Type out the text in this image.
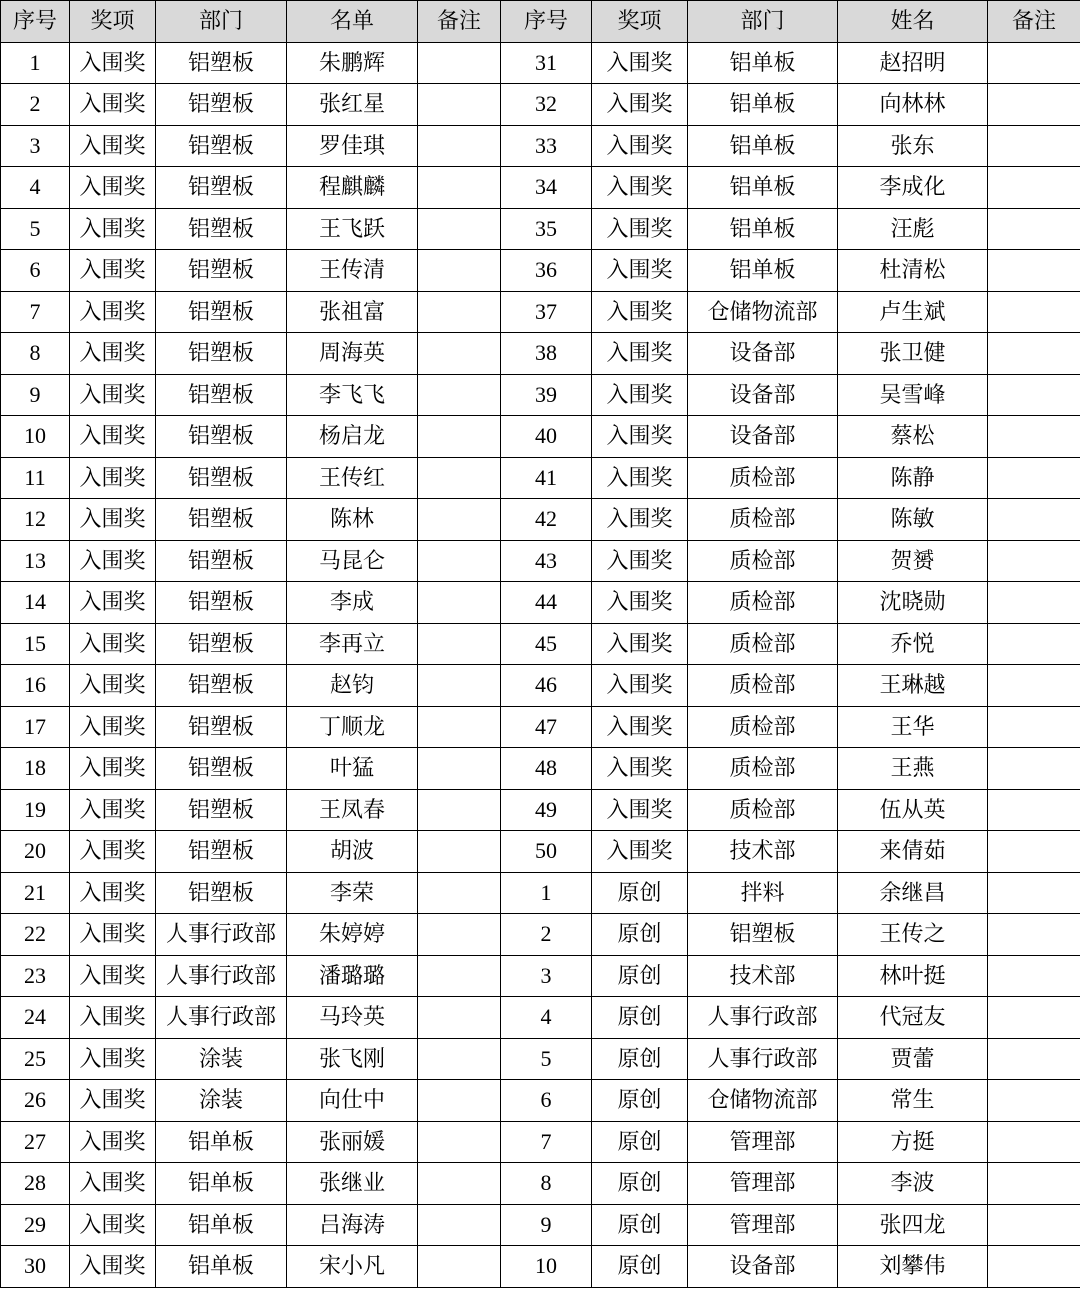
序号	奖项	部门	名单	备注	序号	奖项	部门	姓名	备注
1	入围奖	铝塑板	朱鹏辉		31	入围奖	铝单板	赵招明	
2	入围奖	铝塑板	张红星		32	入围奖	铝单板	向林林	
3	入围奖	铝塑板	罗佳琪		33	入围奖	铝单板	张东	
4	入围奖	铝塑板	程麒麟		34	入围奖	铝单板	李成化	
5	入围奖	铝塑板	王飞跃		35	入围奖	铝单板	汪彪	
6	入围奖	铝塑板	王传清		36	入围奖	铝单板	杜清松	
7	入围奖	铝塑板	张祖富		37	入围奖	仓储物流部	卢生斌	
8	入围奖	铝塑板	周海英		38	入围奖	设备部	张卫健	
9	入围奖	铝塑板	李飞飞		39	入围奖	设备部	吴雪峰	
10	入围奖	铝塑板	杨启龙		40	入围奖	设备部	蔡松	
11	入围奖	铝塑板	王传红		41	入围奖	质检部	陈静	
12	入围奖	铝塑板	陈林		42	入围奖	质检部	陈敏	
13	入围奖	铝塑板	马昆仑		43	入围奖	质检部	贺赟	
14	入围奖	铝塑板	李成		44	入围奖	质检部	沈晓勋	
15	入围奖	铝塑板	李再立		45	入围奖	质检部	乔悦	
16	入围奖	铝塑板	赵钧		46	入围奖	质检部	王琳越	
17	入围奖	铝塑板	丁顺龙		47	入围奖	质检部	王华	
18	入围奖	铝塑板	叶猛		48	入围奖	质检部	王燕	
19	入围奖	铝塑板	王凤春		49	入围奖	质检部	伍从英	
20	入围奖	铝塑板	胡波		50	入围奖	技术部	来倩茹	
21	入围奖	铝塑板	李荣		1	原创	拌料	余继昌	
22	入围奖	人事行政部	朱婷婷		2	原创	铝塑板	王传之	
23	入围奖	人事行政部	潘璐璐		3	原创	技术部	林叶挺	
24	入围奖	人事行政部	马玲英		4	原创	人事行政部	代冠友	
25	入围奖	涂装	张飞刚		5	原创	人事行政部	贾蕾	
26	入围奖	涂装	向仕中		6	原创	仓储物流部	常生	
27	入围奖	铝单板	张丽媛		7	原创	管理部	方挺	
28	入围奖	铝单板	张继业		8	原创	管理部	李波	
29	入围奖	铝单板	吕海涛		9	原创	管理部	张四龙	
30	入围奖	铝单板	宋小凡		10	原创	设备部	刘攀伟	
